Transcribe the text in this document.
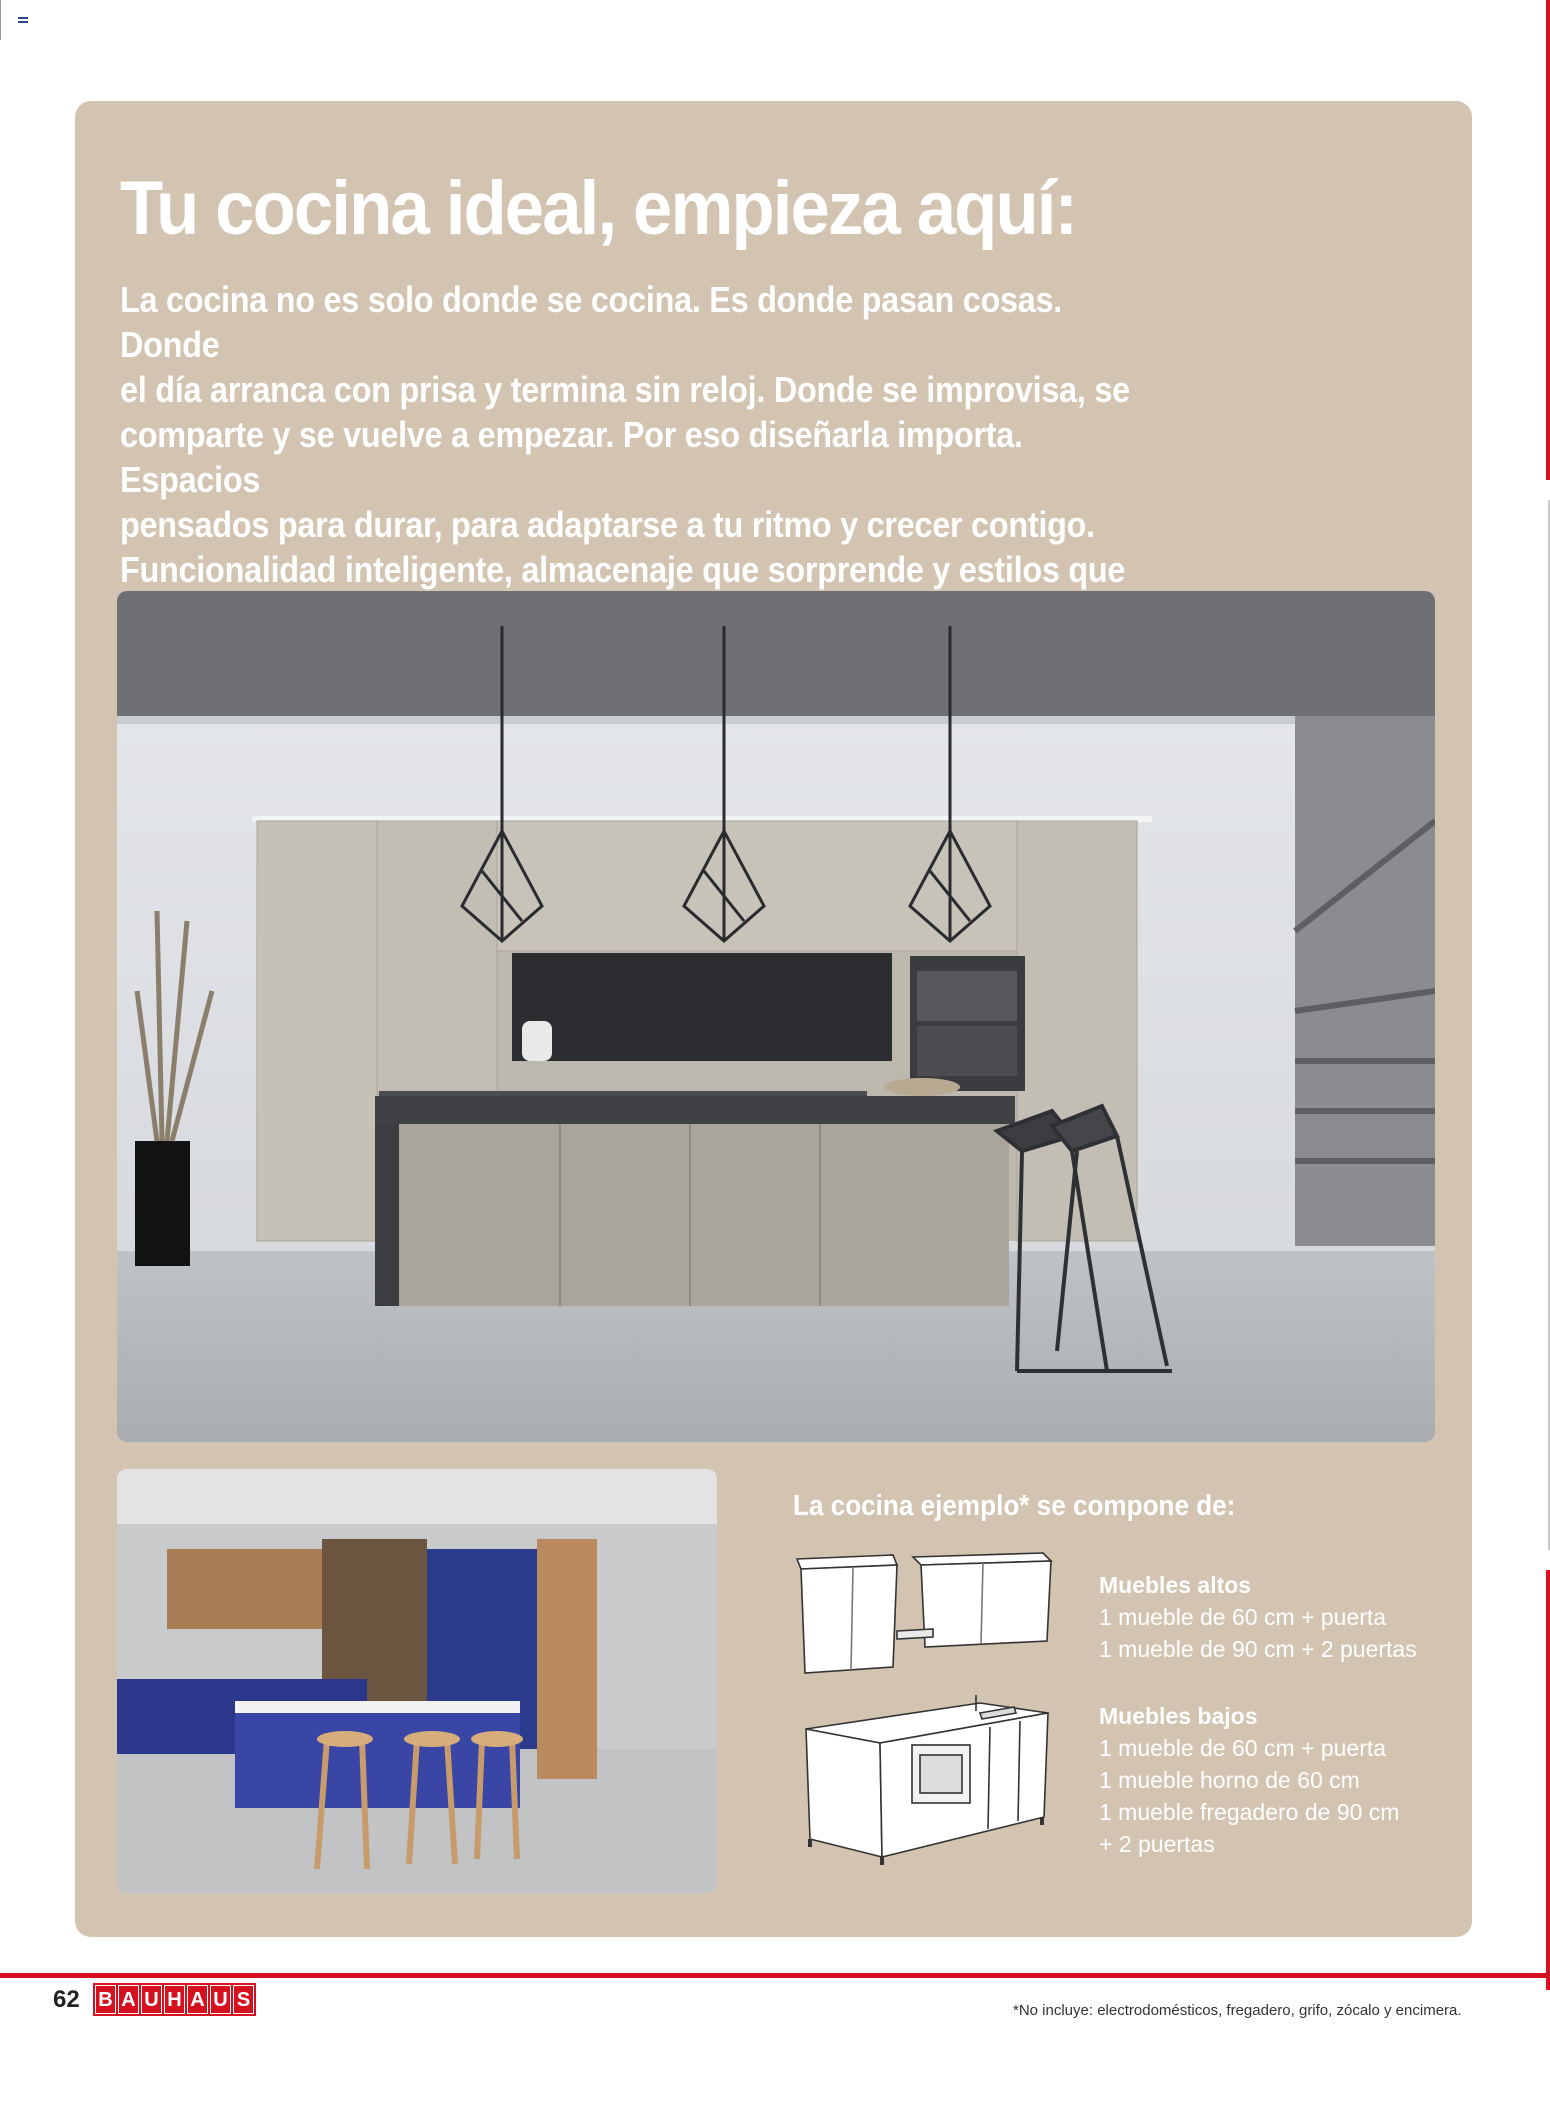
Tu cocina ideal, empieza aquí:
La cocina no es solo donde se cocina. Es donde pasan cosas. Donde
el día arranca con prisa y termina sin reloj. Donde se improvisa, se
comparte y se vuelve a empezar. Por eso diseñarla importa. Espacios
pensados para durar, para adaptarse a tu ritmo y crecer contigo.
Funcionalidad inteligente, almacenaje que sorprende y estilos que
La cocina ejemplo* se compone de:
Muebles altos
1 mueble de 60 cm + puerta
1 mueble de 90 cm + 2 puertas
Muebles bajos
1 mueble de 60 cm + puerta
1 mueble horno de 60 cm
1 mueble fregadero de 90 cm
+ 2 puertas
62 B A U H A U S	*No incluye: electrodomésticos, fregadero, grifo, zócalo y encimera.
